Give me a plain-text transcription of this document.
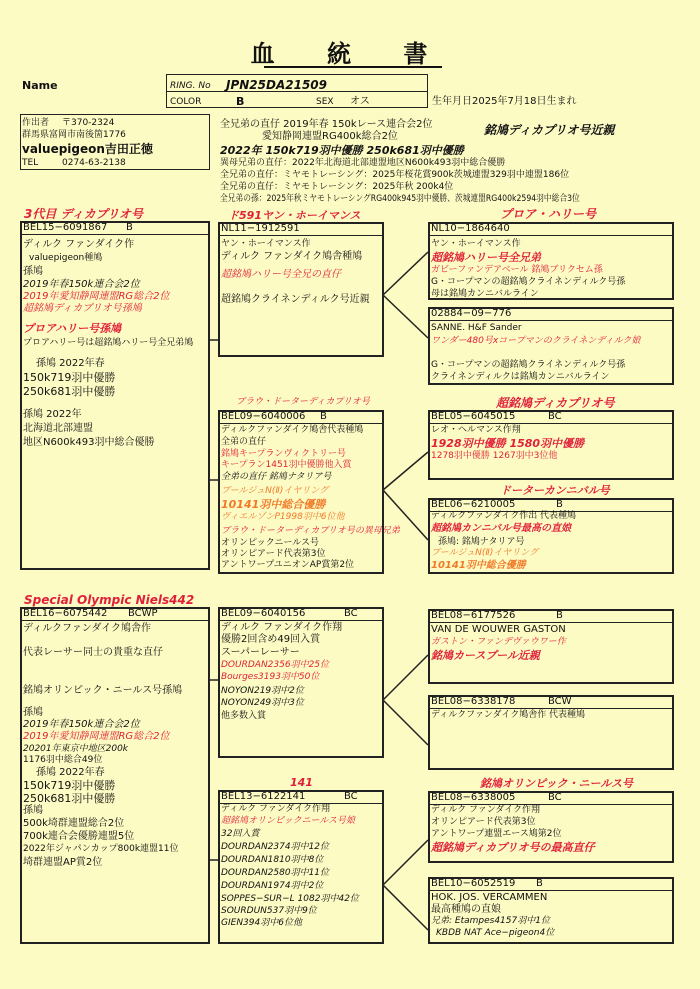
血 統 書
Name	RING. No JPN25DA21509
COLOR	B	SEX オス	生年月日2025年7月18日生まれ
作出者 〒370-2324
群馬県富岡市南後箇1776
valuepigeon吉田正徳
TEL	0274-63-2138
全兄弟の直仔 2019年春 150kレース連合会2位	銘鳩ディカプリオ号近親
愛知静岡連盟RG400k総合2位
2022年 150k719羽中優勝 250k681羽中優勝
異母兄弟の直仔：2022年北海道北部連盟地区N600k493羽中総合優勝
全兄弟の直仔：ミヤモトレーシング：2025年桜花賞900k茨城連盟329羽中連盟186位
全兄弟の直仔：ミヤモトレーシング：2025年秋 200k4位
全兄弟の孫：2025年秋ミヤモトレーシングRG400k945羽中優勝、茨城連盟RG400k2594羽中総合3位
3代目 ディカプリオ号
BEL15−6091867 B
ディルク ファンダイク作
valuepigeon種鳩
孫鳩
2019年春150k連合会2位
2019年愛知静岡連盟RG総合2位
超銘鳩ディカプリオ号孫鳩
プロアハリー号孫鳩
プロアハリー号は超銘鳩ハリー号全兄弟鳩
孫鳩 2022年春
150k719羽中優勝
250k681羽中優勝
孫鳩 2022年
北海道北部連盟
地区N600k493羽中総合優勝
Special Olympic Niels442
BEL16−6075442 BCWP
ディルクファンダイク鳩舎作
代表レーサー同士の貴重な直仔
銘鳩オリンピック・ニールス号孫鳩
孫鳩
2019年春150k連合会2位
2019年愛知静岡連盟RG総合2位
20201年東京中地区200k
1176羽中総合49位
孫鳩 2022年春
150k719羽中優勝
250k681羽中優勝
孫鳩
500k埼群連盟総合2位
700k連合会優勝連盟5位
2022年ジャパンカップ800k連盟11位
埼群連盟AP賞2位
ド591ヤン・ホーイマンス
NL11−1912591
ヤン・ホーイマンス作
ディルク ファンダイク鳩舎種鳩
超銘鳩ハリー号全兄の直仔
超銘鳩クライネンディルク号近親
ブラウ・ドーターディカプリオ号
BEL09−6040006 B
ディルクファンダイク鳩舎代表種鳩
全弟の直仔
銘鳩キープランヴィクトリー号
キープラン1451羽中優勝他入賞
全弟の直仔 銘鳩ナタリア号
ブールジュN(Ⅱ)イヤリング
10141羽中総合優勝
ヴィエルゾンP1998羽中6位他
ブラウ・ドーターディカプリオ号の異母兄弟
オリンピックニールス号
オリンピアード代表第3位
アントワープユニオンAP賞第2位
BEL09−6040156	BC
ディルク ファンダイク作翔
優勝2回含め49回入賞
スーパーレーサー
DOURDAN2356羽中25位
Bourges3193羽中50位
NOYON219羽中2位
NOYON249羽中3位
他多数入賞
141
BEL13−6122141	BC
ディルク ファンダイク作翔
超銘鳩オリンピックニールス号娘
32回入賞
DOURDAN2374羽中12位
DOURDAN1810羽中8位
DOURDAN2580羽中11位
DOURDAN1974羽中2位
SOPPES−SUR−L 1082羽中42位
SOURDUN537羽中9位
GIEN394羽中6位他
プロア・ハリー号
NL10−1864640
ヤン・ホーイマンス作
超銘鳩ハリー号全兄弟
ガビーファンデアベール 銘鳩ブリクセム孫
G・コープマンの超銘鳩クライネンディルク号孫
母は銘鳩カンニバルライン
02884−09−776
SANNE. H&F Sander
ワンダー480号xコープマンのクライネンディルク娘
G・コープマンの超銘鳩クライネンディルク号孫
クライネンディルクは銘鳩カンニバルライン
超銘鳩ディカプリオ号
BEL05−6045015	BC
レオ・ヘルマンス作翔
1928羽中優勝 1580羽中優勝
1278羽中優勝 1267羽中3位他
ドーターカンニバル号
BEL06−6210005	B
ディルクファンダイク作出 代表種鳩
超銘鳩カンニバル号最高の直娘
孫鳩: 銘鳩ナタリア号
ブールジュN(Ⅱ)イヤリング
10141羽中総合優勝
BEL08−6177526	B
VAN DE WOUWER GASTON
ガストン・ファンデヴァウワー作
銘鳩カースプール近親
BEL08−6338178	BCW
ディルクファンダイク鳩舎作 代表種鳩
銘鳩オリンピック・ニールス号
BEL08−6338005	BC
ディルク ファンダイク作翔
オリンピアード代表第3位
アントワープ連盟エース鳩第2位
超銘鳩ディカプリオ号の最高直仔
BEL10−6052519 B
HOK. JOS. VERCAMMEN
最高種鳩の直娘
兄弟: Etampes4157羽中1位
KBDB NAT Ace−pigeon4位
